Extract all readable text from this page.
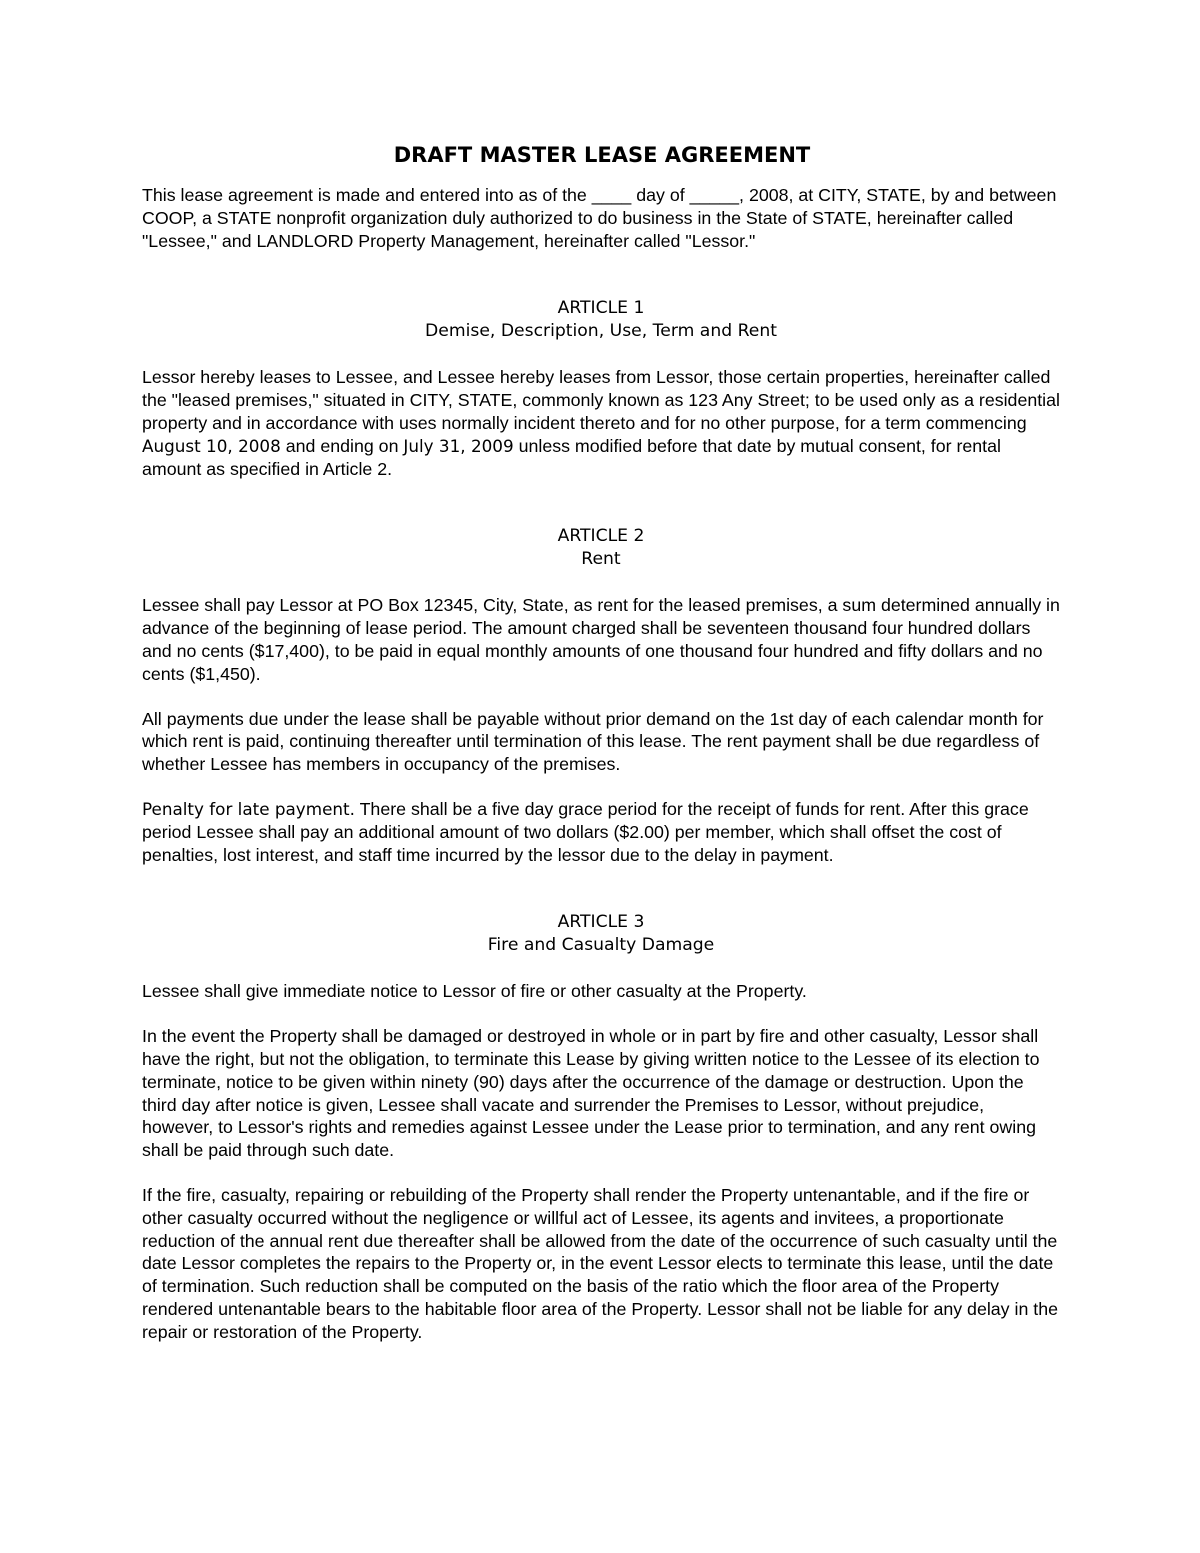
DRAFT MASTER LEASE AGREEMENT

This lease agreement is made and entered into as of the ____ day of _____, 2008, at CITY, STATE, by and between COOP, a STATE nonprofit organization duly authorized to do business in the State of STATE, hereinafter called "Lessee," and LANDLORD Property Management, hereinafter called "Lessor."

ARTICLE 1
Demise, Description, Use, Term and Rent

Lessor hereby leases to Lessee, and Lessee hereby leases from Lessor, those certain properties, hereinafter called the "leased premises," situated in CITY, STATE, commonly known as 123 Any Street; to be used only as a residential property and in accordance with uses normally incident thereto and for no other purpose, for a term commencing August 10, 2008 and ending on July 31, 2009 unless modified before that date by mutual consent, for rental amount as specified in Article 2.

ARTICLE 2
Rent

Lessee shall pay Lessor at PO Box 12345, City, State, as rent for the leased premises, a sum determined annually in advance of the beginning of lease period. The amount charged shall be seventeen thousand four hundred dollars and no cents ($17,400), to be paid in equal monthly amounts of one thousand four hundred and fifty dollars and no cents ($1,450).

All payments due under the lease shall be payable without prior demand on the 1st day of each calendar month for which rent is paid, continuing thereafter until termination of this lease. The rent payment shall be due regardless of whether Lessee has members in occupancy of the premises.

Penalty for late payment. There shall be a five day grace period for the receipt of funds for rent. After this grace period Lessee shall pay an additional amount of two dollars ($2.00) per member, which shall offset the cost of penalties, lost interest, and staff time incurred by the lessor due to the delay in payment.

ARTICLE 3
Fire and Casualty Damage

Lessee shall give immediate notice to Lessor of fire or other casualty at the Property.

In the event the Property shall be damaged or destroyed in whole or in part by fire and other casualty, Lessor shall have the right, but not the obligation, to terminate this Lease by giving written notice to the Lessee of its election to terminate, notice to be given within ninety (90) days after the occurrence of the damage or destruction. Upon the third day after notice is given, Lessee shall vacate and surrender the Premises to Lessor, without prejudice, however, to Lessor's rights and remedies against Lessee under the Lease prior to termination, and any rent owing shall be paid through such date.

If the fire, casualty, repairing or rebuilding of the Property shall render the Property untenantable, and if the fire or other casualty occurred without the negligence or willful act of Lessee, its agents and invitees, a proportionate reduction of the annual rent due thereafter shall be allowed from the date of the occurrence of such casualty until the date Lessor completes the repairs to the Property or, in the event Lessor elects to terminate this lease, until the date of termination. Such reduction shall be computed on the basis of the ratio which the floor area of the Property rendered untenantable bears to the habitable floor area of the Property. Lessor shall not be liable for any delay in the repair or restoration of the Property.
